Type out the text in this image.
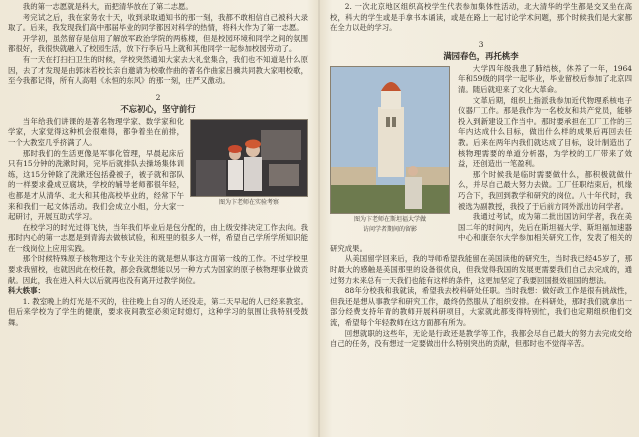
我的第一志愿就是科大，而把清华放在了第二志愿。

考完试之后，我在家务农十天，收到录取通知书的那一刻，我都不敢相信自己被科大录取了。后来，我发现我们高中那届毕业的同学都因对科学的热情，将科大作为了第一志愿。

开学初，虽然留存是信用了解放军政治学院的两栋楼，但是校园环境和同学之间的氛围都很好，我很快就融入了校园生活，放下行李后马上就和其他同学一起参加校园劳动了。

有一天在打扫扫卫生的时候，学校突然通知大家去大礼堂集合，我们也不知道是什么原因，去了才发现是由郭沫若校长亲自邀请为校歌作曲的著名作曲家吕骥共同教大家唱校歌，至今我都记得，所有人高唱《永恒的东风》的那一刻，庄严又激动。

2
不忘初心，坚守前行
图为卞老师在实验考察

当年给我们讲课的是著名物理学家、数学家和化学家，大家觉得这种机会很难得，都争着坐在前排，一个大教室几乎挤满了人。

那时我们的生活更像是军事化管理，早晨起床后只有15分钟的洗漱时间，完毕后就排队去操场集体训练，这15分钟除了洗漱还包括叠被子，被子就和部队的一样要求叠成豆腐块，学校的辅导老师都很年轻，也都是才从清华、北大和其他高校毕业的，经常下午来和我们一起文体活动。我们会成立小组，分大家一起研讨，开展互助式学习。

在校学习的时光过得飞快，当年我们毕业后是包分配的，由上级安排决定工作去向。我那时内心的第一志愿是到青海去做核试验，和班里的很多人一样，希望自己学所学所知识能在一线岗位上应用实践。

那个时候特殊原子核物理这个专业关注的就是想从事这方面第一线的工作。不过学校里要求我留校，也就因此在校任教，都会我就想能以另一种方式为国家的原子核物理事业做贡献。因此，我在进入科大以后就再也没有离开过教学岗位。

科大轶事：

1. 教室晚上的灯光是不灭的，往往晚上自习的人还没走，第二天早起的人已经来教室。但后来学校为了学生的健康，要求夜间教室必须定时熄灯，这种学习的氛围让我特别受鼓舞。

2. 一次北京地区组织高校学生代表参加集体性活动，北大清华的学生都是交叉坐在高校，科大的学生或是手拿书本诵读，或是在路上一起讨论学术问题，那个时候我们是大家都在全力以赴的学习。

3
满园春色，再托桃李
图为卞老师在斯坦福大学做
访问学者期间的留影

大学四年级我患了肺结核，休养了一年，1964年和59级的同学一起毕业，毕业留校后参加了北京四清。随后就迎来了文化大革命。

文革后期，组织上指派我参加近代物理系核电子仪器厂工作。那是我作为一名校友和共产党员，能够投入到新建设工作当中。那时要承担在工厂工作的三年内达成什么目标，做出什么样的成果后再回去任教。后来在两年内我们就达成了目标，设计制造出了核物理需要的单道分析器，为学校的工厂带来了效益，还创造出一笔盈利。

那个时候我是临时需要做什么，都积极就做什么，并尽自己最大努力去做。工厂任职结束后，机缘巧合下，我回到教学和研究的岗位。八十年代时，我被选为副教授，我投了于后前方同外派出访问学者。

我通过考试，成为第二批出国访问学者，我在美国二年的时间内，先后在斯坦福大学、斯坦福加速器中心和康奈尔大学参加相关研究工作，发表了相关的研究成果。

从美国留学回来后，我的导师希望我能留在美国读他的研究生，当时我已经45岁了，那时最大的感触是美国那里的设备很优良，但我觉得我国的发展更需要我们自己去完成的，通过努力未来总有一天我们也能有这样的条件，这更加坚定了我要回国报效祖国的想法。

88年分校我和我就读，希望我去校科研处任职。当时我想：做好政工作是很有挑战性，但我还是想从事教学和研究工作，最终仍然服从了组织安排。在科研处，那时我们就拿出一部分经费支持年青的教师开展科研项目，大家就此都变得特别忙，我们也定期组织他们交流，希望每个年轻教师在这方面都有所为。

回想就职的这些年，无论是行政还是教学等工作，我都会尽自己最大的努力去完成交给自己的任务，没有想过一定要做出什么特别突出的贡献，但那时也不觉得辛苦。
